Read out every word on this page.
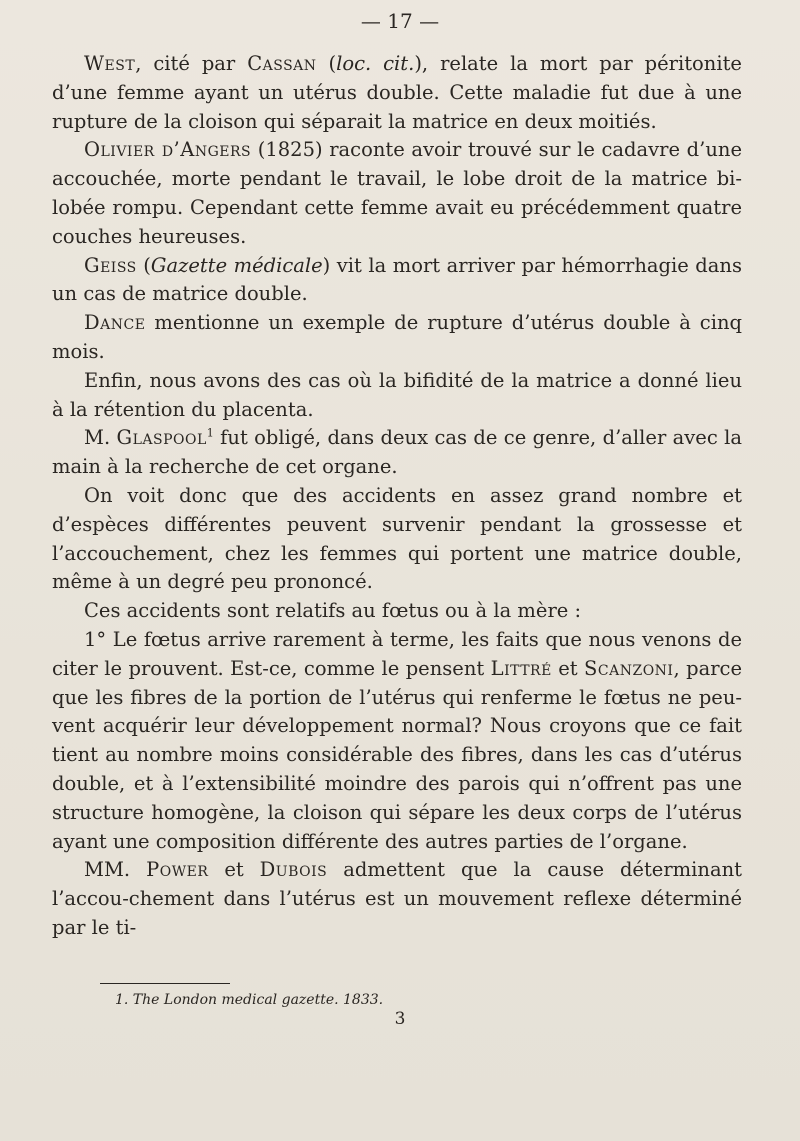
— 17 —

West, cité par Cassan (loc. cit.), relate la mort par péritonite d’une femme ayant un utérus double. Cette maladie fut due à une rupture de la cloison qui séparait la matrice en deux moitiés.

Olivier d’Angers (1825) raconte avoir trouvé sur le cadavre d’une accouchée, morte pendant le travail, le lobe droit de la matrice bi-lobée rompu. Cependant cette femme avait eu précédemment quatre couches heureuses.

Geiss (Gazette médicale) vit la mort arriver par hémorrhagie dans un cas de matrice double.

Dance mentionne un exemple de rupture d’utérus double à cinq mois.

Enfin, nous avons des cas où la bifidité de la matrice a donné lieu à la rétention du placenta.

M. Glaspool$^1$ fut obligé, dans deux cas de ce genre, d’aller avec la main à la recherche de cet organe.

On voit donc que des accidents en assez grand nombre et d’espèces différentes peuvent survenir pendant la grossesse et l’accouchement, chez les femmes qui portent une matrice double, même à un degré peu prononcé.

Ces accidents sont relatifs au fœtus ou à la mère :

1° Le fœtus arrive rarement à terme, les faits que nous venons de citer le prouvent. Est-ce, comme le pensent Littré et Scanzoni, parce que les fibres de la portion de l’utérus qui renferme le fœtus ne peu-vent acquérir leur développement normal? Nous croyons que ce fait tient au nombre moins considérable des fibres, dans les cas d’utérus double, et à l’extensibilité moindre des parois qui n’offrent pas une structure homogène, la cloison qui sépare les deux corps de l’utérus ayant une composition différente des autres parties de l’organe.

MM. Power et Dubois admettent que la cause déterminant l’accou-chement dans l’utérus est un mouvement reflexe déterminé par le ti-

1. The London medical gazette. 1833.
3
